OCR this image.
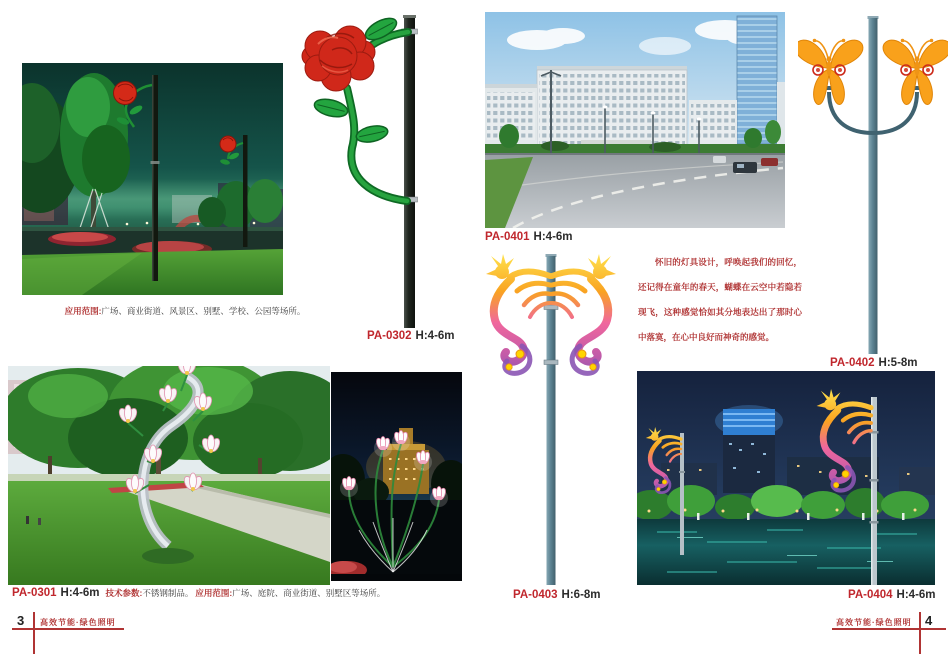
应用范围:广场、商业街道、风景区、别墅、学校、公园等场所。
PA-0302 H:4-6m
PA-0301 H:4-6m 技术参数:不锈钢制品。 应用范围:广场、庭院、商业街道、别墅区等场所。
3 高效节能·绿色照明
PA-0401 H:4-6m
PA-0402 H:5-8m
怀旧的灯具设计，呼唤起我们的回忆，还记得在童年的春天，蝴蝶在云空中若隐若现飞，这种感觉恰如其分地表达出了那时心中落寞，在心中良好而神奇的感觉。
PA-0403 H:6-8m	PA-0404 H:4-6m
高效节能·绿色照明 4
